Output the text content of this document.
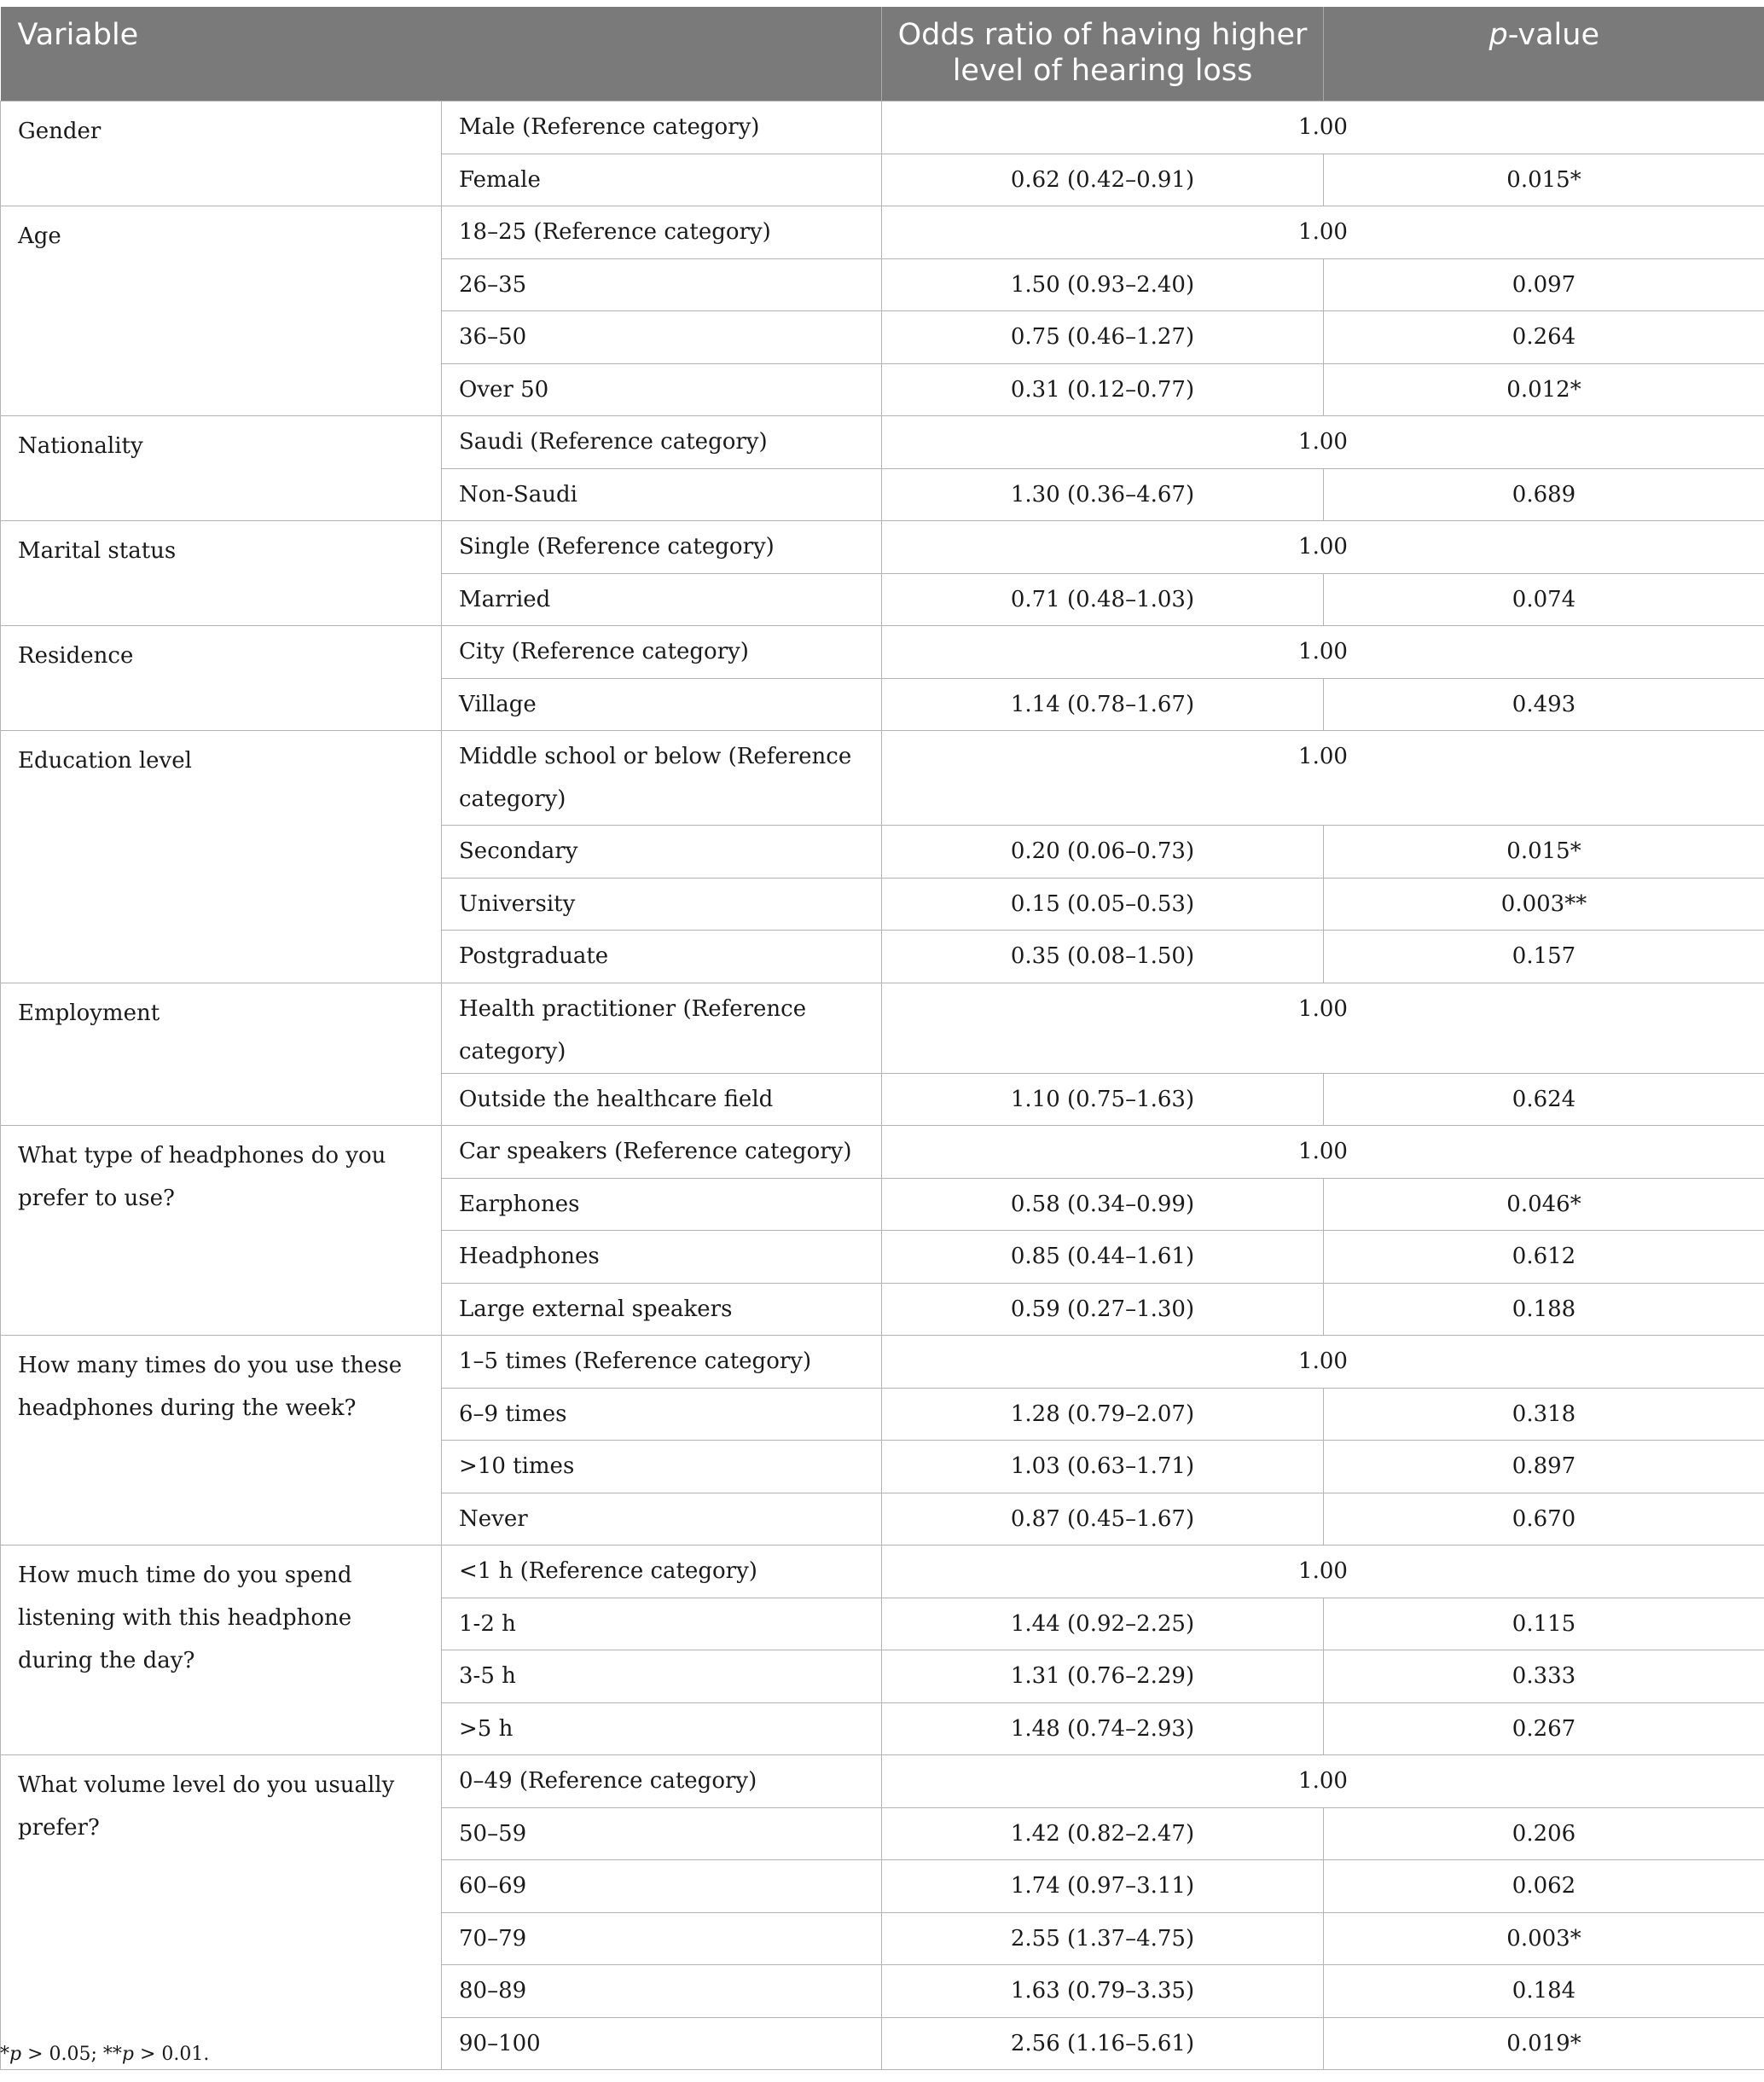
Variable		Odds ratio of having higher level of hearing loss	p-value

Gender	Male (Reference category)	1.00	

	Female	0.62 (0.42–0.91)	0.015*

Age	18–25 (Reference category)	1.00	

	26–35	1.50 (0.93–2.40)	0.097

	36–50	0.75 (0.46–1.27)	0.264

	Over 50	0.31 (0.12–0.77)	0.012*

Nationality	Saudi (Reference category)	1.00	

	Non-Saudi	1.30 (0.36–4.67)	0.689

Marital status	Single (Reference category)	1.00	

	Married	0.71 (0.48–1.03)	0.074

Residence	City (Reference category)	1.00	

	Village	1.14 (0.78–1.67)	0.493

Education level	Middle school or below (Reference category)	1.00	

	Secondary	0.20 (0.06–0.73)	0.015*

	University	0.15 (0.05–0.53)	0.003**

	Postgraduate	0.35 (0.08–1.50)	0.157

Employment	Health practitioner (Reference category)	1.00	

	Outside the healthcare field	1.10 (0.75–1.63)	0.624

What type of headphones do you prefer to use?	Car speakers (Reference category)	1.00	

	Earphones	0.58 (0.34–0.99)	0.046*

	Headphones	0.85 (0.44–1.61)	0.612

	Large external speakers	0.59 (0.27–1.30)	0.188

How many times do you use these headphones during the week?	1–5 times (Reference category)	1.00	

	6–9 times	1.28 (0.79–2.07)	0.318

	>10 times	1.03 (0.63–1.71)	0.897

	Never	0.87 (0.45–1.67)	0.670

How much time do you spend listening with this headphone during the day?	<1 h (Reference category)	1.00	

	1-2 h	1.44 (0.92–2.25)	0.115

	3-5 h	1.31 (0.76–2.29)	0.333

	>5 h	1.48 (0.74–2.93)	0.267

What volume level do you usually prefer?	0–49 (Reference category)	1.00	

	50–59	1.42 (0.82–2.47)	0.206

	60–69	1.74 (0.97–3.11)	0.062

	70–79	2.55 (1.37–4.75)	0.003*

	80–89	1.63 (0.79–3.35)	0.184

	90–100	2.56 (1.16–5.61)	0.019*
*p > 0.05; **p > 0.01.
